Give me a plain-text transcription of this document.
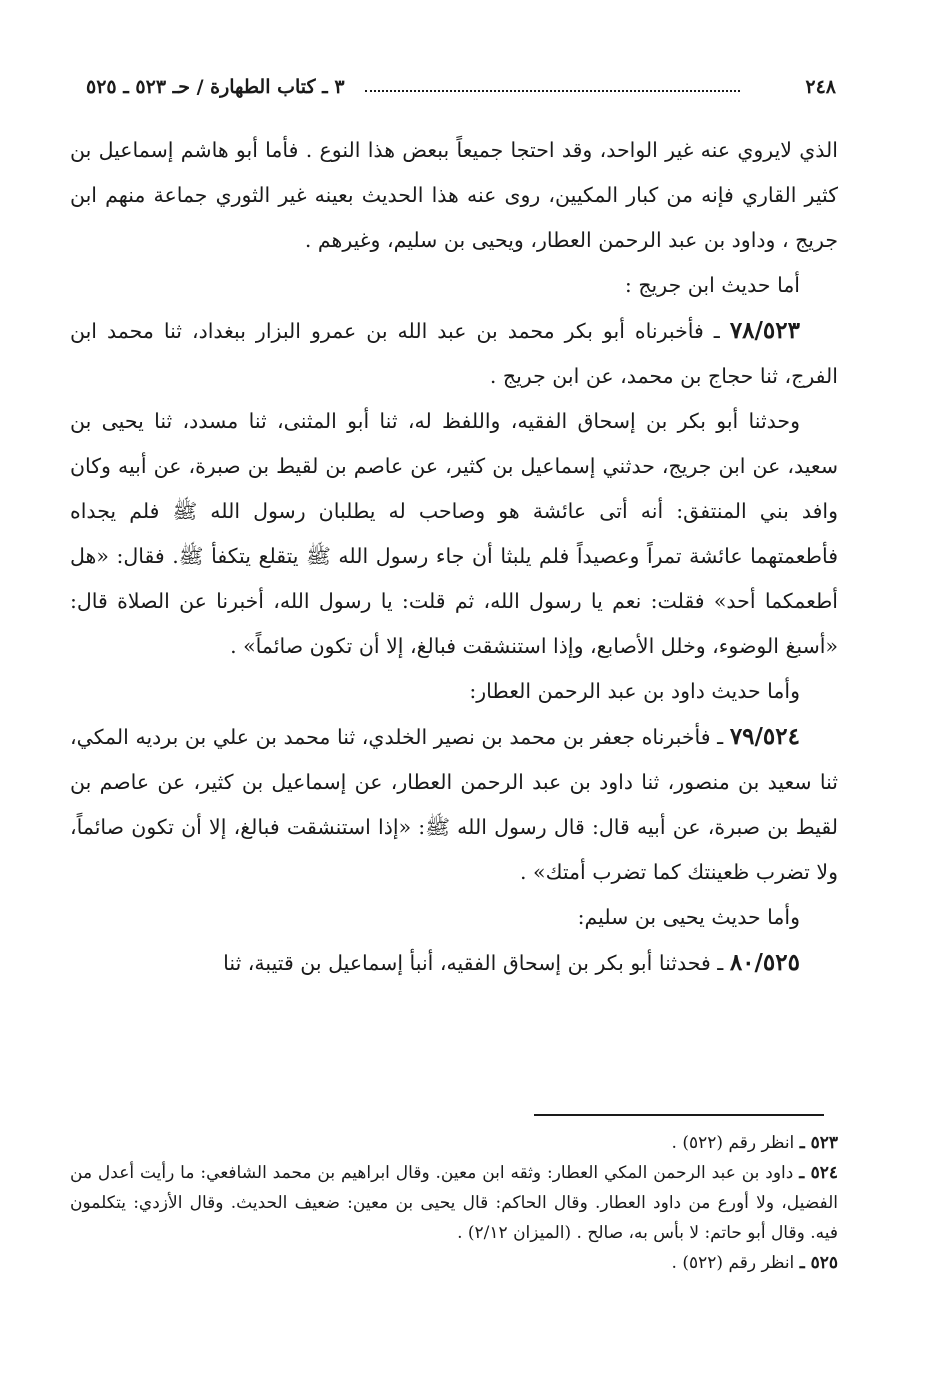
٢٤٨
٣ ـ كتاب الطهارة / حـ ٥٢٣ ـ ٥٢٥

الذي لايروي عنه غير الواحد، وقد احتجا جميعاً ببعض هذا النوع . فأما أبو هاشم إسماعيل بن كثير القاري فإنه من كبار المكيين، روى عنه هذا الحديث بعينه غير الثوري جماعة منهم ابن جريج ، وداود بن عبد الرحمن العطار، ويحيى بن سليم، وغيرهم .

أما حديث ابن جريج :

٧٨/٥٢٣ ـ فأخبرناه أبو بكر محمد بن عبد الله بن عمرو البزار ببغداد، ثنا محمد ابن الفرج، ثنا حجاج بن محمد، عن ابن جريج .

وحدثنا أبو بكر بن إسحاق الفقيه، واللفظ له، ثنا أبو المثنى، ثنا مسدد، ثنا يحيى بن سعيد، عن ابن جريج، حدثني إسماعيل بن كثير، عن عاصم بن لقيط بن صبرة، عن أبيه وكان وافد بني المنتفق: أنه أتى عائشة هو وصاحب له يطلبان رسول الله ﷺ فلم يجداه فأطعمتهما عائشة تمراً وعصيداً فلم يلبثا أن جاء رسول الله ﷺ يتقلع يتكفأ ﷺ. فقال: «هل أطعمكما أحد» فقلت: نعم يا رسول الله، ثم قلت: يا رسول الله، أخبرنا عن الصلاة قال: «أسبغ الوضوء، وخلل الأصابع، وإذا استنشقت فبالغ، إلا أن تكون صائماً» .

وأما حديث داود بن عبد الرحمن العطار:

٧٩/٥٢٤ ـ فأخبرناه جعفر بن محمد بن نصير الخلدي، ثنا محمد بن علي بن برديه المكي، ثنا سعيد بن منصور، ثنا داود بن عبد الرحمن العطار، عن إسماعيل بن كثير، عن عاصم بن لقيط بن صبرة، عن أبيه قال: قال رسول الله ﷺ: «إذا استنشقت فبالغ، إلا أن تكون صائماً، ولا تضرب ظعينتك كما تضرب أمتك» .

وأما حديث يحيى بن سليم:

٨٠/٥٢٥ ـ فحدثنا أبو بكر بن إسحاق الفقيه، أنبأ إسماعيل بن قتيبة، ثنا

٥٢٣ ـ انظر رقم (٥٢٢) .

٥٢٤ ـ داود بن عبد الرحمن المكي العطار: وثقه ابن معين. وقال ابراهيم بن محمد الشافعي: ما رأيت أعدل من الفضيل، ولا أورع من داود العطار. وقال الحاكم: قال يحيى بن معين: ضعيف الحديث. وقال الأزدي: يتكلمون فيه. وقال أبو حاتم: لا بأس به، صالح . (الميزان ٢/١٢) .

٥٢٥ ـ انظر رقم (٥٢٢) .
